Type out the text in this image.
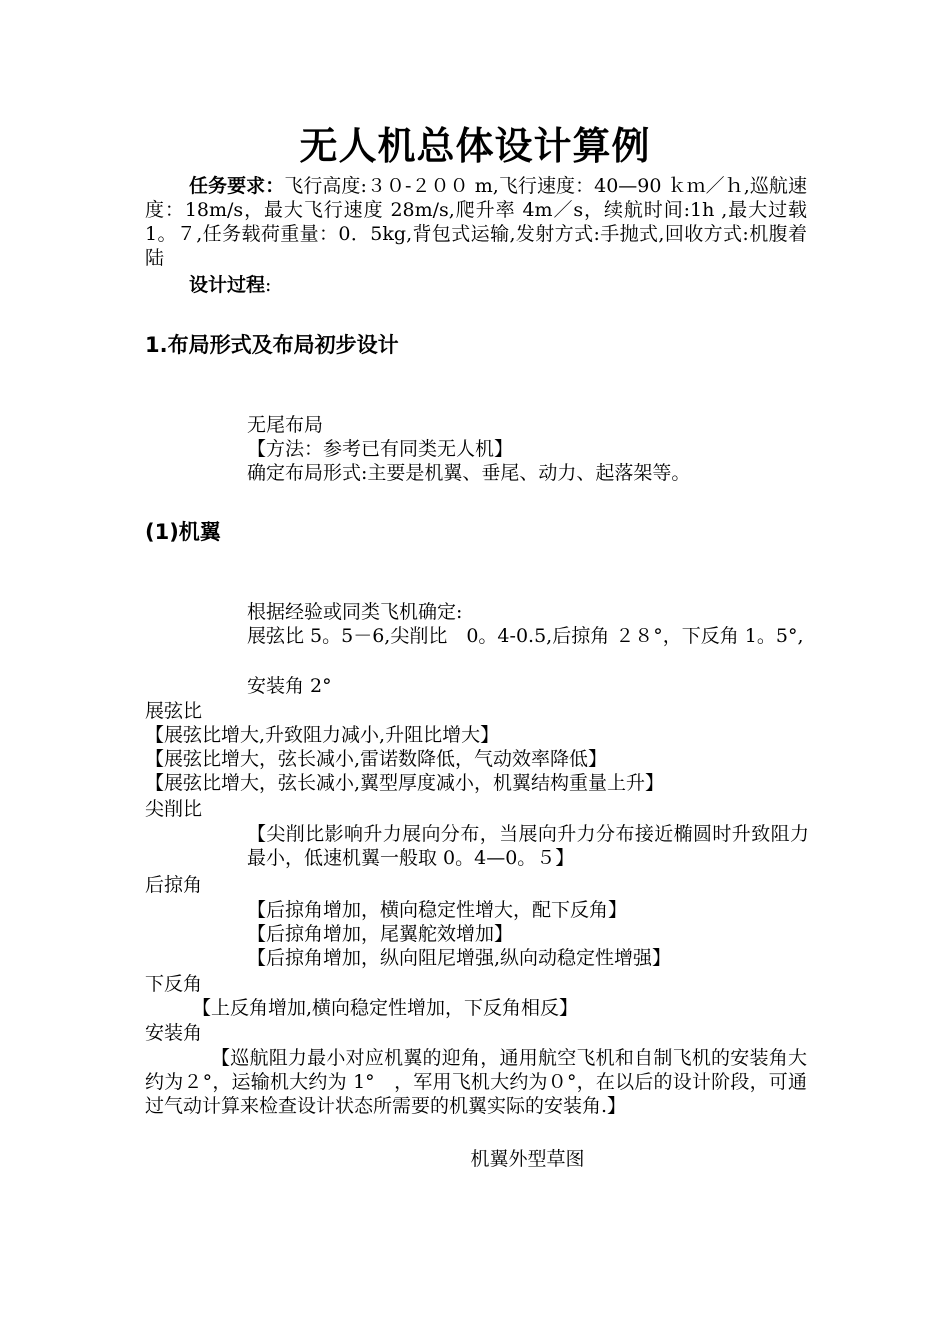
无人机总体设计算例
任务要求：飞行高度:３０-２００ m,飞行速度：40—90 ｋｍ／ｈ,巡航速度：18m/s，最大飞行速度 28m/s,爬升率 4m／s，续航时间:1h ,最大过载 1。７,任务载荷重量：0．5kg,背包式运输,发射方式:手抛式,回收方式:机腹着陆
设计过程:
1.布局形式及布局初步设计
无尾布局
【方法：参考已有同类无人机】
确定布局形式:主要是机翼、垂尾、动力、起落架等。
(1)机翼
根据经验或同类飞机确定:
展弦比 5。5－6,尖削比　0。4-0.5,后掠角 ２８°，下反角 1。5°,
安装角 2°
展弦比
【展弦比增大,升致阻力减小,升阻比增大】
【展弦比增大，弦长减小,雷诺数降低，气动效率降低】
【展弦比增大，弦长减小,翼型厚度减小，机翼结构重量上升】
尖削比
【尖削比影响升力展向分布，当展向升力分布接近椭圆时升致阻力最小，低速机翼一般取 0。4—0。５】
后掠角
【后掠角增加，横向稳定性增大，配下反角】
【后掠角增加，尾翼舵效增加】
【后掠角增加，纵向阻尼增强,纵向动稳定性增强】
下反角
【上反角增加,横向稳定性增加，下反角相反】
安装角
【巡航阻力最小对应机翼的迎角，通用航空飞机和自制飞机的安装角大约为２°，运输机大约为 1°　，军用飞机大约为０°，在以后的设计阶段，可通过气动计算来检查设计状态所需要的机翼实际的安装角.】
机翼外型草图
